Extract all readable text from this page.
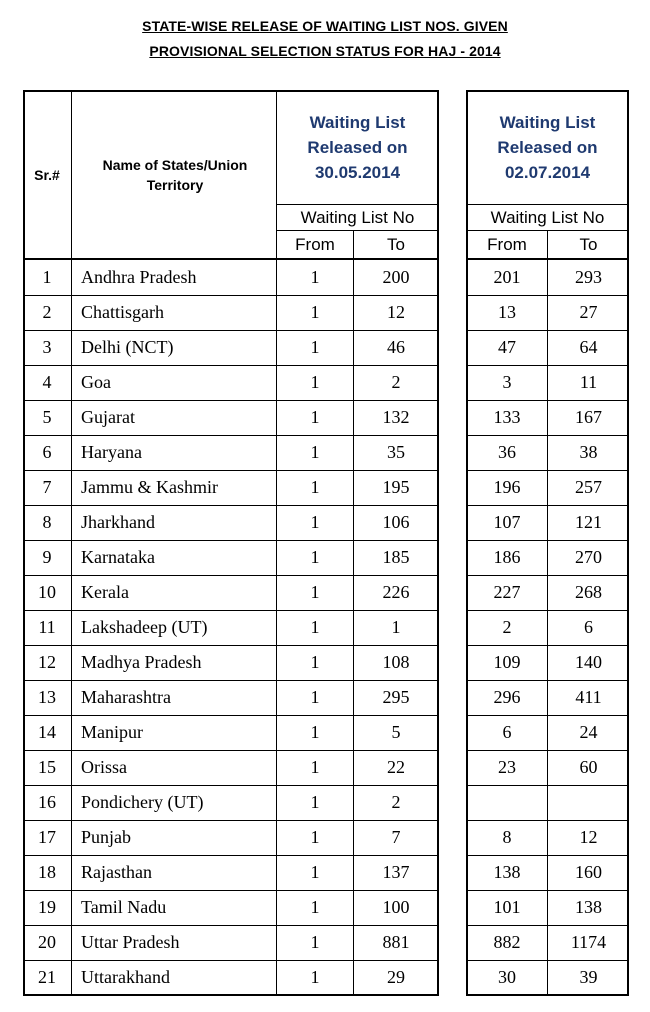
STATE-WISE RELEASE OF WAITING LIST NOS. GIVEN
PROVISIONAL SELECTION STATUS FOR HAJ - 2014
Sr.#
Name of States/Union Territory
Waiting List
Released on
30.05.2014
Waiting List
Released on
02.07.2014
Waiting List No	Waiting List No
From	To	From	To
1	Andhra Pradesh	1	200	201	293
2	Chattisgarh	1	12	13	27
3	Delhi (NCT)	1	46	47	64
4	Goa	1	2	3	11
5	Gujarat	1	132	133	167
6	Haryana	1	35	36	38
7	Jammu & Kashmir	1	195	196	257
8	Jharkhand	1	106	107	121
9	Karnataka	1	185	186	270
10	Kerala	1	226	227	268
11	Lakshadeep (UT)	1	1	2	6
12	Madhya Pradesh	1	108	109	140
13	Maharashtra	1	295	296	411
14	Manipur	1	5	6	24
15	Orissa	1	22	23	60
16	Pondichery (UT)	1	2
17	Punjab	1	7	8	12
18	Rajasthan	1	137	138	160
19	Tamil Nadu	1	100	101	138
20	Uttar Pradesh	1	881	882	1174
21	Uttarakhand	1	29	30	39
